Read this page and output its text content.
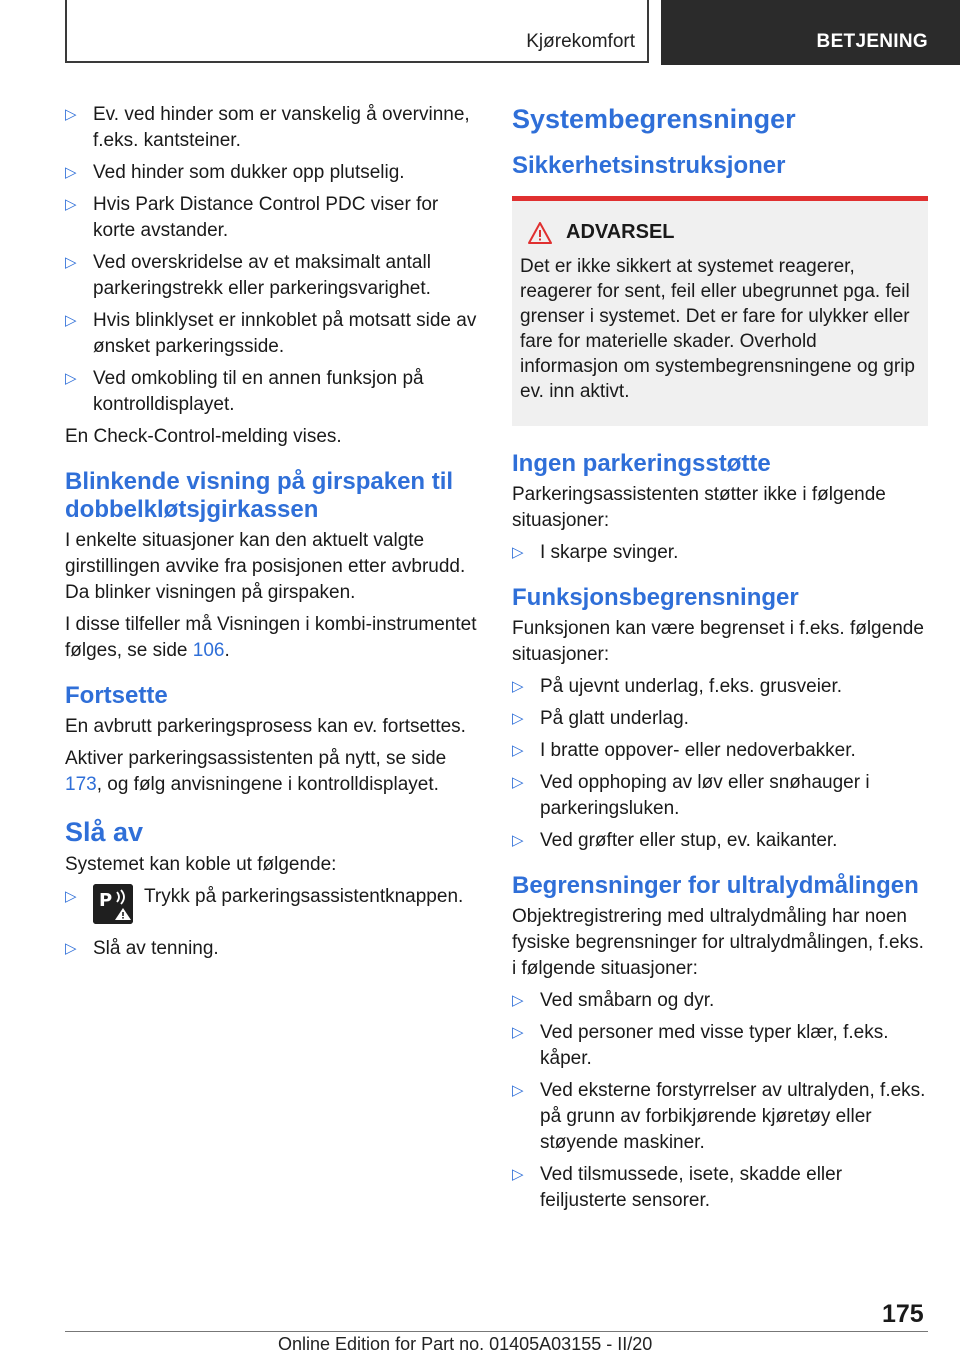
Kjørekomfort	BETJENING
▷ Ev. ved hinder som er vanskelig å overvinne, f.eks. kantsteiner.
▷ Ved hinder som dukker opp plutselig.
▷ Hvis Park Distance Control PDC viser for korte avstander.
▷ Ved overskridelse av et maksimalt antall parkeringstrekk eller parkeringsvarighet.
▷ Hvis blinklyset er innkoblet på motsatt side av ønsket parkeringsside.
▷ Ved omkobling til en annen funksjon på kontrolldisplayet.

En Check-Control-melding vises.

Blinkende visning på girspaken til dobbelkløtsjgirkassen

I enkelte situasjoner kan den aktuelt valgte girstillingen avvike fra posisjonen etter avbrudd. Da blinker visningen på girspaken.

I disse tilfeller må Visningen i kombi-instrumentet følges, se side 106.

Fortsette

En avbrutt parkeringsprosess kan ev. fortsettes.

Aktiver parkeringsassistenten på nytt, se side 173, og følg anvisningene i kontrolldisplayet.

Slå av

Systemet kan koble ut følgende:

▷	P Trykk på parkeringsassistentknappen.
▷ Slå av tenning.
Systembegrensninger
Sikkerhetsinstruksjoner
ADVARSEL

Det er ikke sikkert at systemet reagerer, reagerer for sent, feil eller ubegrunnet pga. feil grenser i systemet. Det er fare for ulykker eller fare for materielle skader. Overhold informasjon om systembegrensningene og grip ev. inn aktivt.

Ingen parkeringsstøtte

Parkeringsassistenten støtter ikke i følgende situasjoner:

▷ I skarpe svinger.
Funksjonsbegrensninger

Funksjonen kan være begrenset i f.eks. følgende situasjoner:

▷ På ujevnt underlag, f.eks. grusveier.
▷ På glatt underlag.
▷ I bratte oppover- eller nedoverbakker.
▷ Ved opphoping av løv eller snøhauger i parkeringsluken.
▷ Ved grøfter eller stup, ev. kaikanter.
Begrensninger for ultralydmålingen

Objektregistrering med ultralydmåling har noen fysiske begrensninger for ultralydmålingen, f.eks. i følgende situasjoner:

▷ Ved småbarn og dyr.
▷ Ved personer med visse typer klær, f.eks. kåper.
▷ Ved eksterne forstyrrelser av ultralyden, f.eks. på grunn av forbikjørende kjøretøy eller støyende maskiner.
▷ Ved tilsmussede, isete, skadde eller feiljusterte sensorer.
175
Online Edition for Part no. 01405A03155 - II/20
